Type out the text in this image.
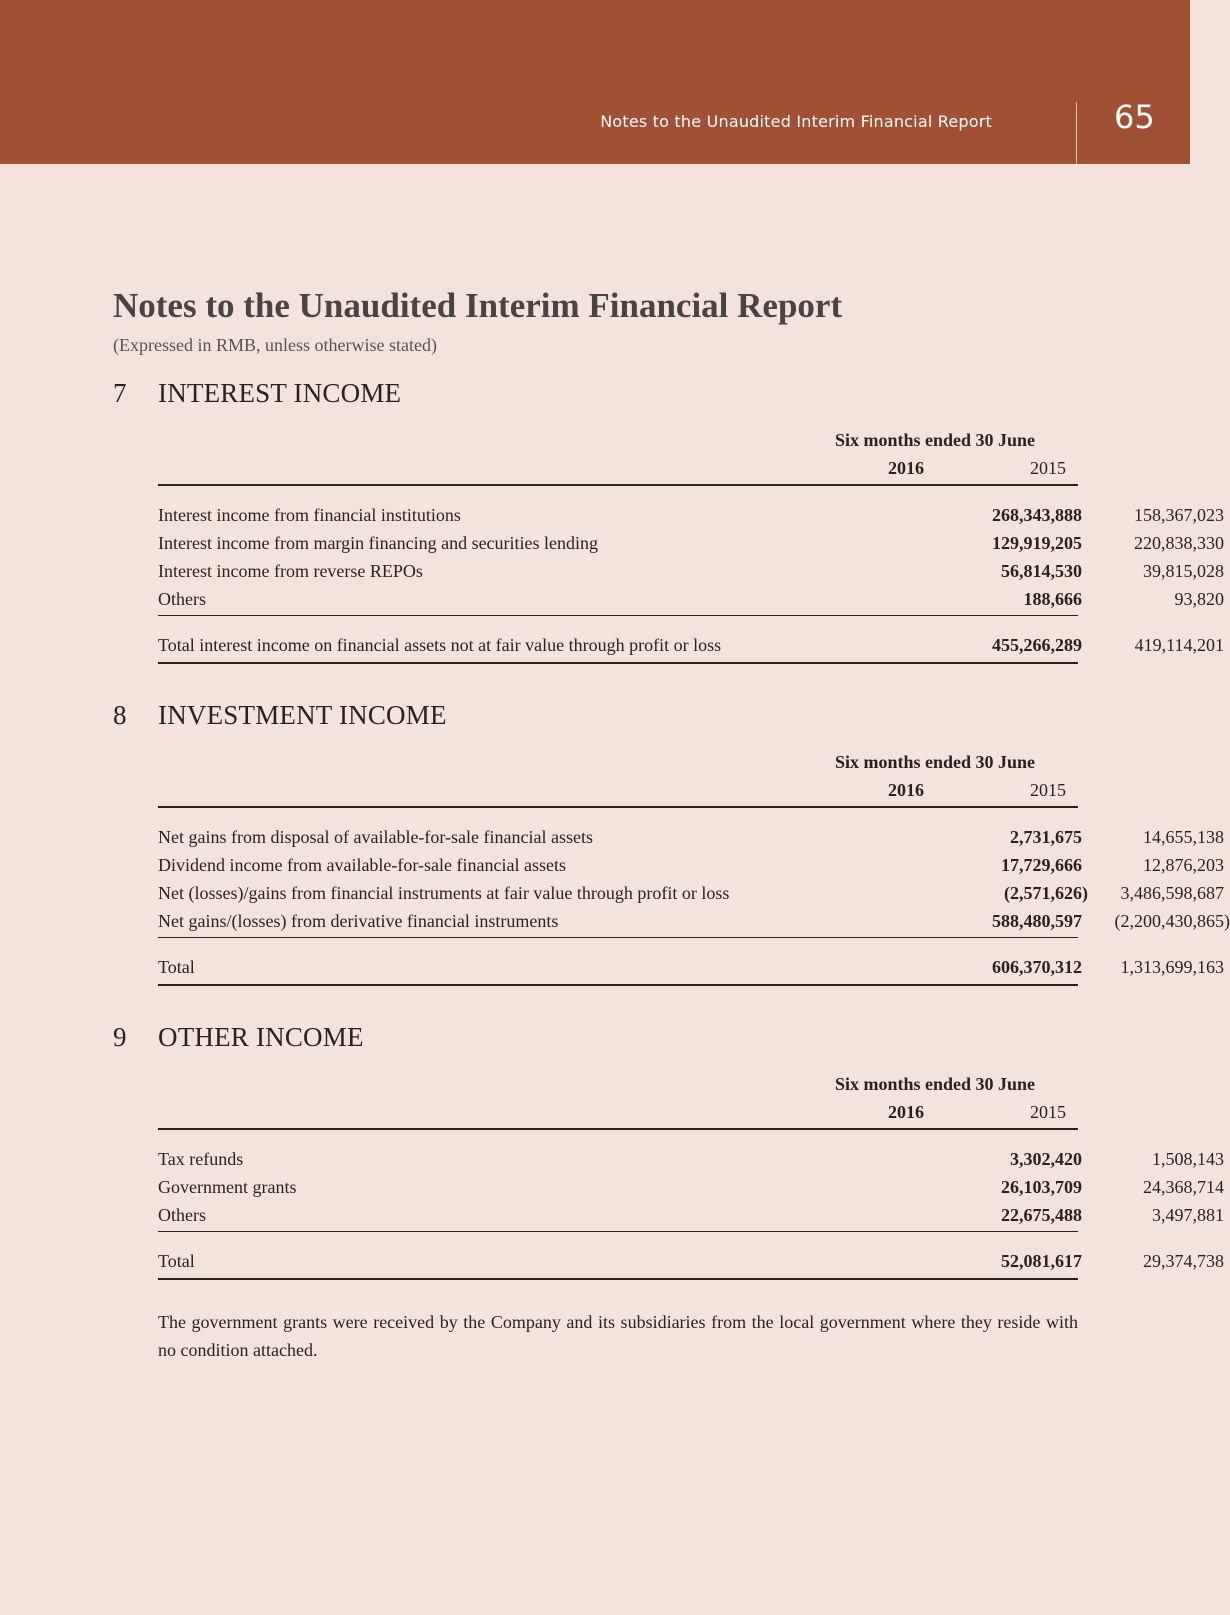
Notes to the Unaudited Interim Financial Report	65
Notes to the Unaudited Interim Financial Report
(Expressed in RMB, unless otherwise stated)
7 INTEREST INCOME
Six months ended 30 June
2016	2015
Interest income from financial institutions	268,343,888	158,367,023
Interest income from margin financing and securities lending	129,919,205	220,838,330
Interest income from reverse REPOs	56,814,530	39,815,028
Others	188,666	93,820
Total interest income on financial assets not at fair value through profit or loss	455,266,289	419,114,201
8 INVESTMENT INCOME
Six months ended 30 June
2016	2015
Net gains from disposal of available-for-sale financial assets	2,731,675	14,655,138
Dividend income from available-for-sale financial assets	17,729,666	12,876,203
Net (losses)/gains from financial instruments at fair value through profit or loss	(2,571,626)	3,486,598,687
Net gains/(losses) from derivative financial instruments	588,480,597	(2,200,430,865)
Total	606,370,312	1,313,699,163
9 OTHER INCOME
Six months ended 30 June
2016	2015
Tax refunds	3,302,420	1,508,143
Government grants	26,103,709	24,368,714
Others	22,675,488	3,497,881
Total	52,081,617	29,374,738
The government grants were received by the Company and its subsidiaries from the local government where they reside with no condition attached.
